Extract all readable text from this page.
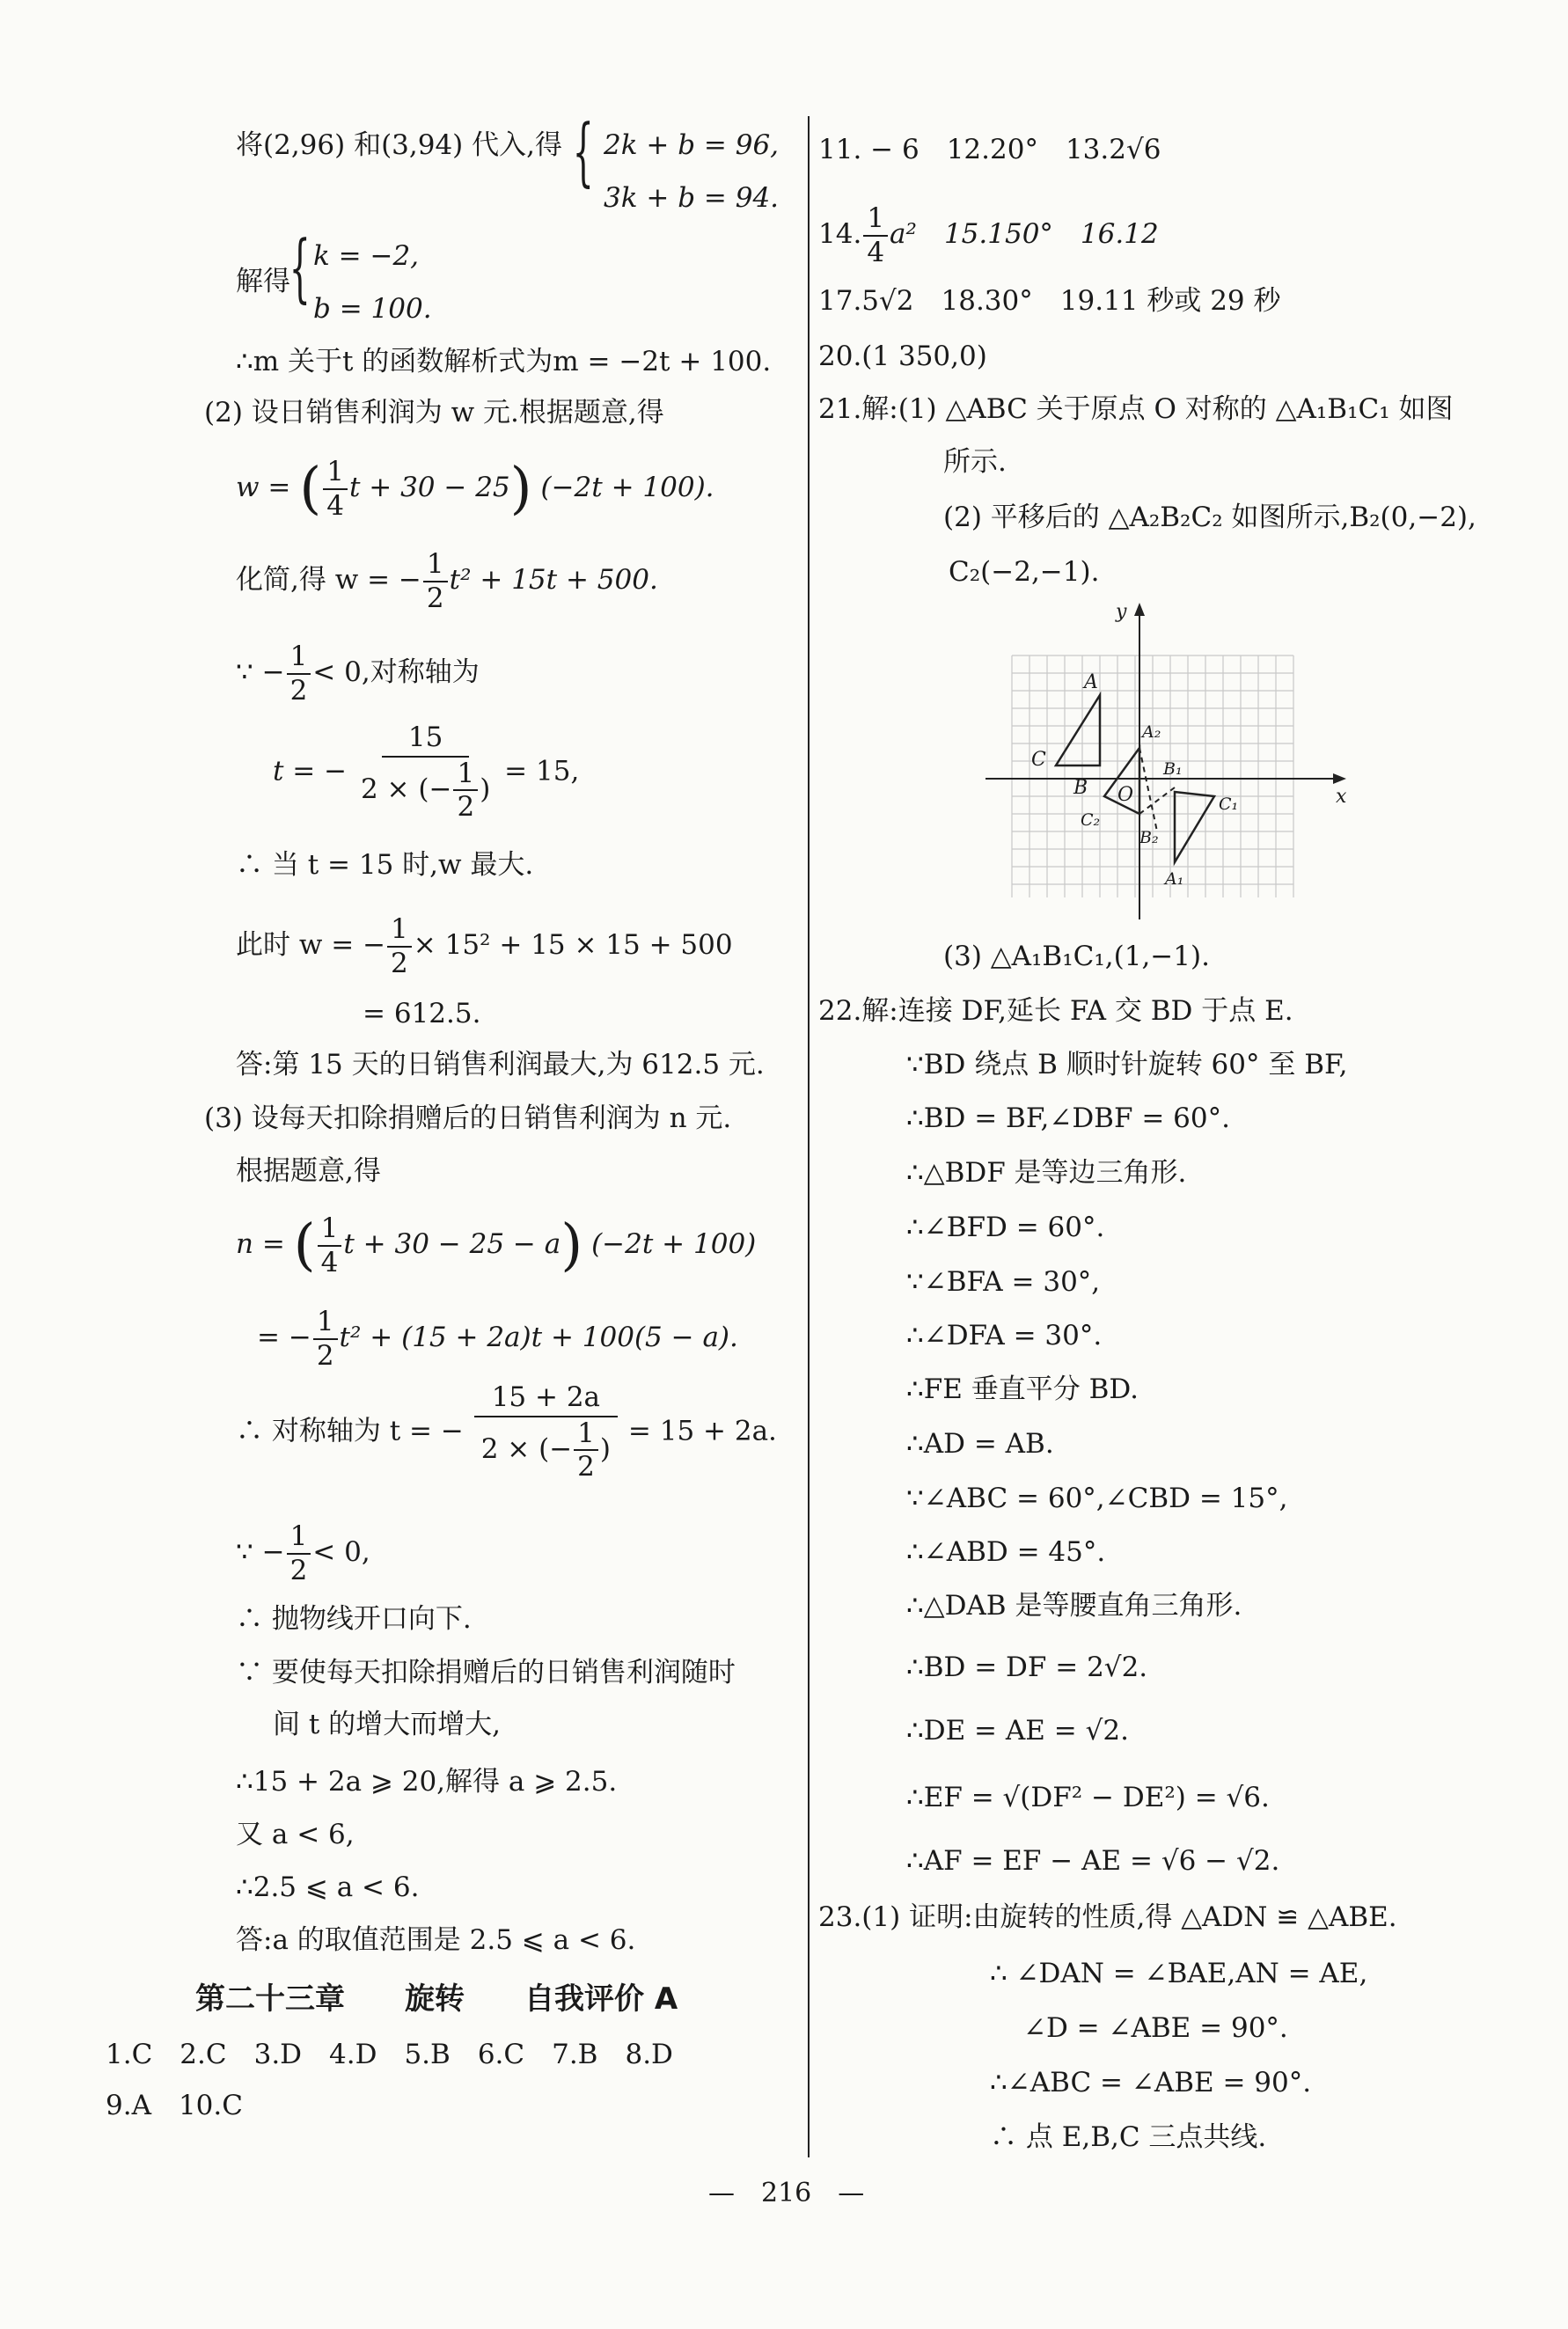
将(2,96) 和(3,94) 代入,得 { 2k + b = 96,
3k + b = 94.
解得
{ k = −2,
b = 100.
∴m 关于t 的函数解析式为m = −2t + 100.
(2) 设日销售利润为 w 元.根据题意,得
w = ( $\frac{1}{4}$ t + 30 − 25) (−2t + 100).
化简,得 w = − $\frac{1}{2} t^2 + 15t + 500$.
∵ − $\frac{1}{2} < 0$,对称轴为
t = − $\frac{15}{2 \times (- \frac{1}{2} )} = 15$,
∴ 当 t = 15 时,w 最大.
此时 w = − $\frac{1}{2} \times 15^2 + 15 \times 15 + 500$
= 612.5.
答:第 15 天的日销售利润最大,为 612.5 元.
(3) 设每天扣除捐赠后的日销售利润为 n 元.
根据题意,得
n = ( $\frac{1}{4}$ t + 30 − 25 − a) (−2t + 100)
= − $\frac{1}{2} t^2 + (15 + 2a)t + 100(5 - a)$.
∴ 对称轴为 t = − $\frac{15 + 2a}{2 \times (- \frac{1}{2} )} = 15 + 2a$.
∵ − $\frac{1}{2} < 0$,
∴ 抛物线开口向下.
∵ 要使每天扣除捐赠后的日销售利润随时
间 t 的增大而增大,
∴15 + 2a ⩾ 20,解得 a ⩾ 2.5.
又 a < 6,
∴2.5 ⩽ a < 6.
答:a 的取值范围是 2.5 ⩽ a < 6.
第二十三章　　旋转　　自我评价 A
1.C　2.C　3.D　4.D　5.B　6.C　7.B　8.D
9.A　10.C
11. − 6　12.20°　13.2√6
14. $\frac{1}{4} a^2$　15.150°　16.12
17.5√2　18.30°　19.11 秒或 29 秒
20.(1 350,0)
21.解:(1) △ABC 关于原点 O 对称的 △A₁B₁C₁ 如图
所示.
(2) 平移后的 △A₂B₂C₂ 如图所示,B₂(0,−2),
C₂(−2,−1).
x
y
A
B
C
O
A₁
B₁
C₁
A₂
B₂
C₂
(3) △A₁B₁C₁,(1,−1).
22.解:连接 DF,延长 FA 交 BD 于点 E.
∵BD 绕点 B 顺时针旋转 60° 至 BF,
∴BD = BF,∠DBF = 60°.
∴△BDF 是等边三角形.
∴∠BFD = 60°.
∵∠BFA = 30°,
∴∠DFA = 30°.
∴FE 垂直平分 BD.
∴AD = AB.
∵∠ABC = 60°,∠CBD = 15°,
∴∠ABD = 45°.
∴△DAB 是等腰直角三角形.
∴BD = DF = 2√2.
∴DE = AE = √2.
∴EF = √(DF² − DE²) = √6.
∴AF = EF − AE = √6 − √2.
23.(1) 证明:由旋转的性质,得 △ADN ≌ △ABE.
∴ ∠DAN = ∠BAE,AN = AE,
∠D = ∠ABE = 90°.
∴∠ABC = ∠ABE = 90°.
∴ 点 E,B,C 三点共线.
—　216　—
